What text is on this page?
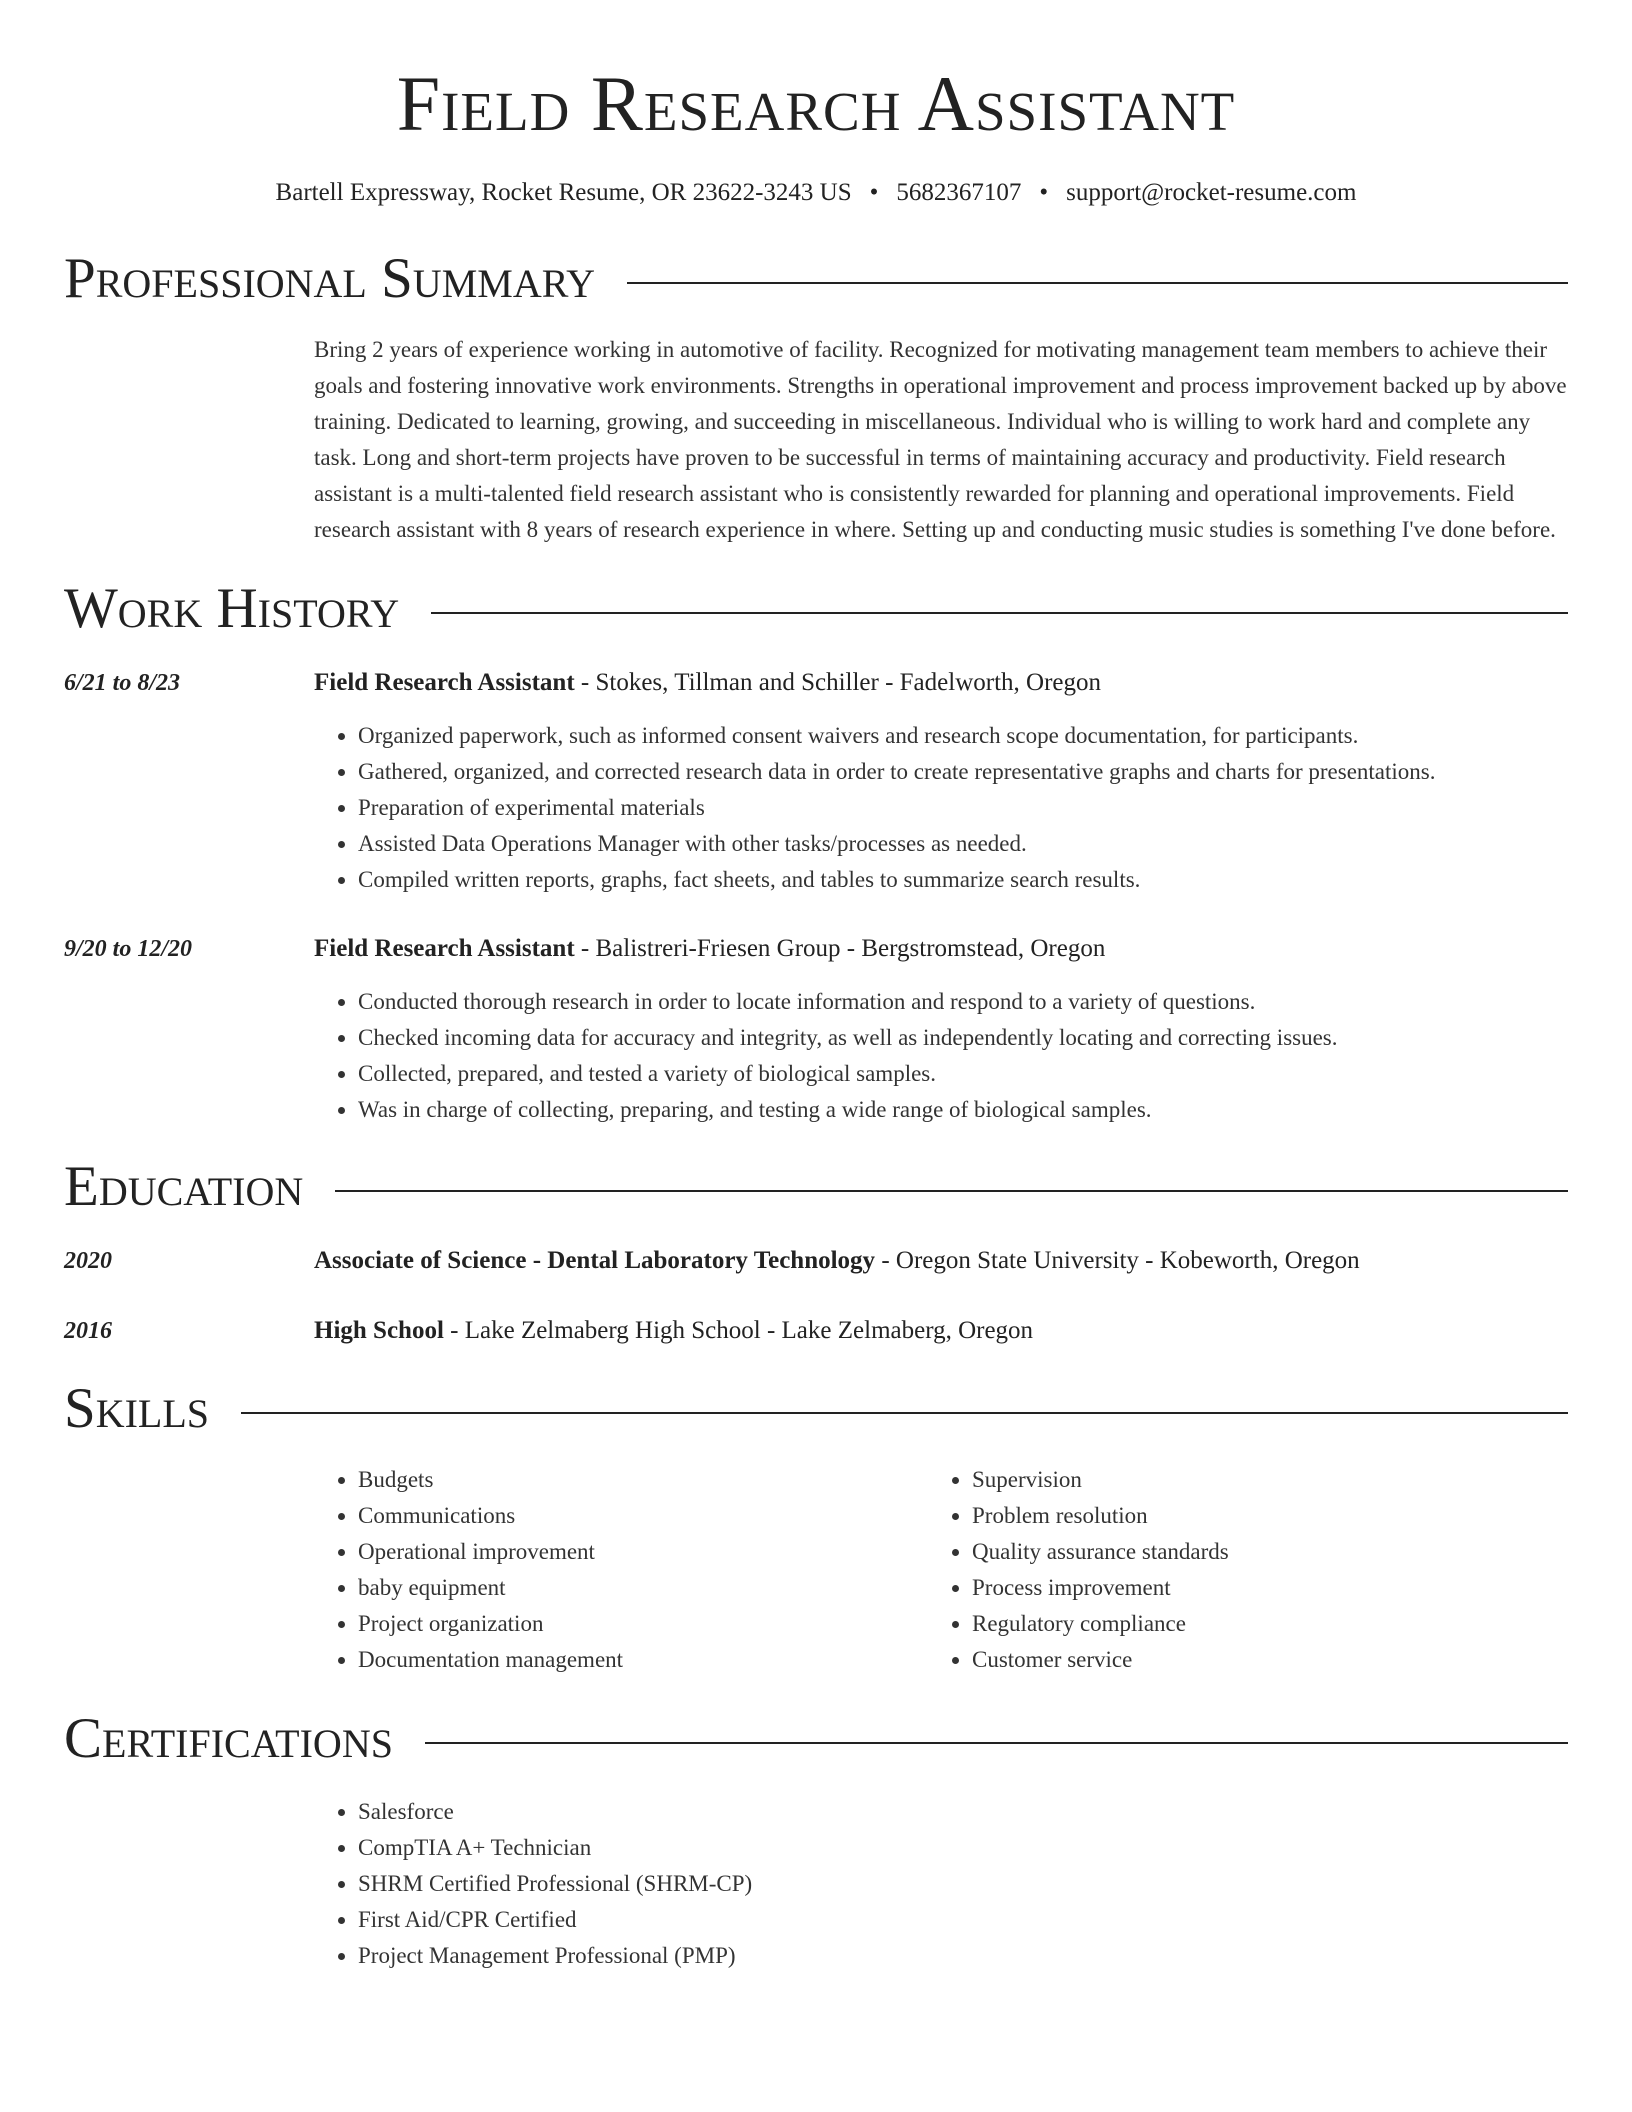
Field Research Assistant
Bartell Expressway, Rocket Resume, OR 23622-3243 US • 5682367107 • support@rocket-resume.com
Professional Summary

Bring 2 years of experience working in automotive of facility. Recognized for motivating management team members to achieve their goals and fostering innovative work environments. Strengths in operational improvement and process improvement backed up by above training. Dedicated to learning, growing, and succeeding in miscellaneous. Individual who is willing to work hard and complete any task. Long and short-term projects have proven to be successful in terms of maintaining accuracy and productivity. Field research assistant is a multi-talented field research assistant who is consistently rewarded for planning and operational improvements. Field research assistant with 8 years of research experience in where. Setting up and conducting music studies is something I've done before.

Work History
6/21 to 8/23	Field Research Assistant - Stokes, Tillman and Schiller - Fadelworth, Oregon
• Organized paperwork, such as informed consent waivers and research scope documentation, for participants.
• Gathered, organized, and corrected research data in order to create representative graphs and charts for presentations.
• Preparation of experimental materials
• Assisted Data Operations Manager with other tasks/processes as needed.
• Compiled written reports, graphs, fact sheets, and tables to summarize search results.
9/20 to 12/20	Field Research Assistant - Balistreri-Friesen Group - Bergstromstead, Oregon
• Conducted thorough research in order to locate information and respond to a variety of questions.
• Checked incoming data for accuracy and integrity, as well as independently locating and correcting issues.
• Collected, prepared, and tested a variety of biological samples.
• Was in charge of collecting, preparing, and testing a wide range of biological samples.
Education
2020	Associate of Science - Dental Laboratory Technology - Oregon State University - Kobeworth, Oregon
2016	High School - Lake Zelmaberg High School - Lake Zelmaberg, Oregon
Skills
• Budgets
• Communications
• Operational improvement
• baby equipment
• Project organization
• Documentation management
• Supervision
• Problem resolution
• Quality assurance standards
• Process improvement
• Regulatory compliance
• Customer service
Certifications
• Salesforce
• CompTIA A+ Technician
• SHRM Certified Professional (SHRM-CP)
• First Aid/CPR Certified
• Project Management Professional (PMP)
